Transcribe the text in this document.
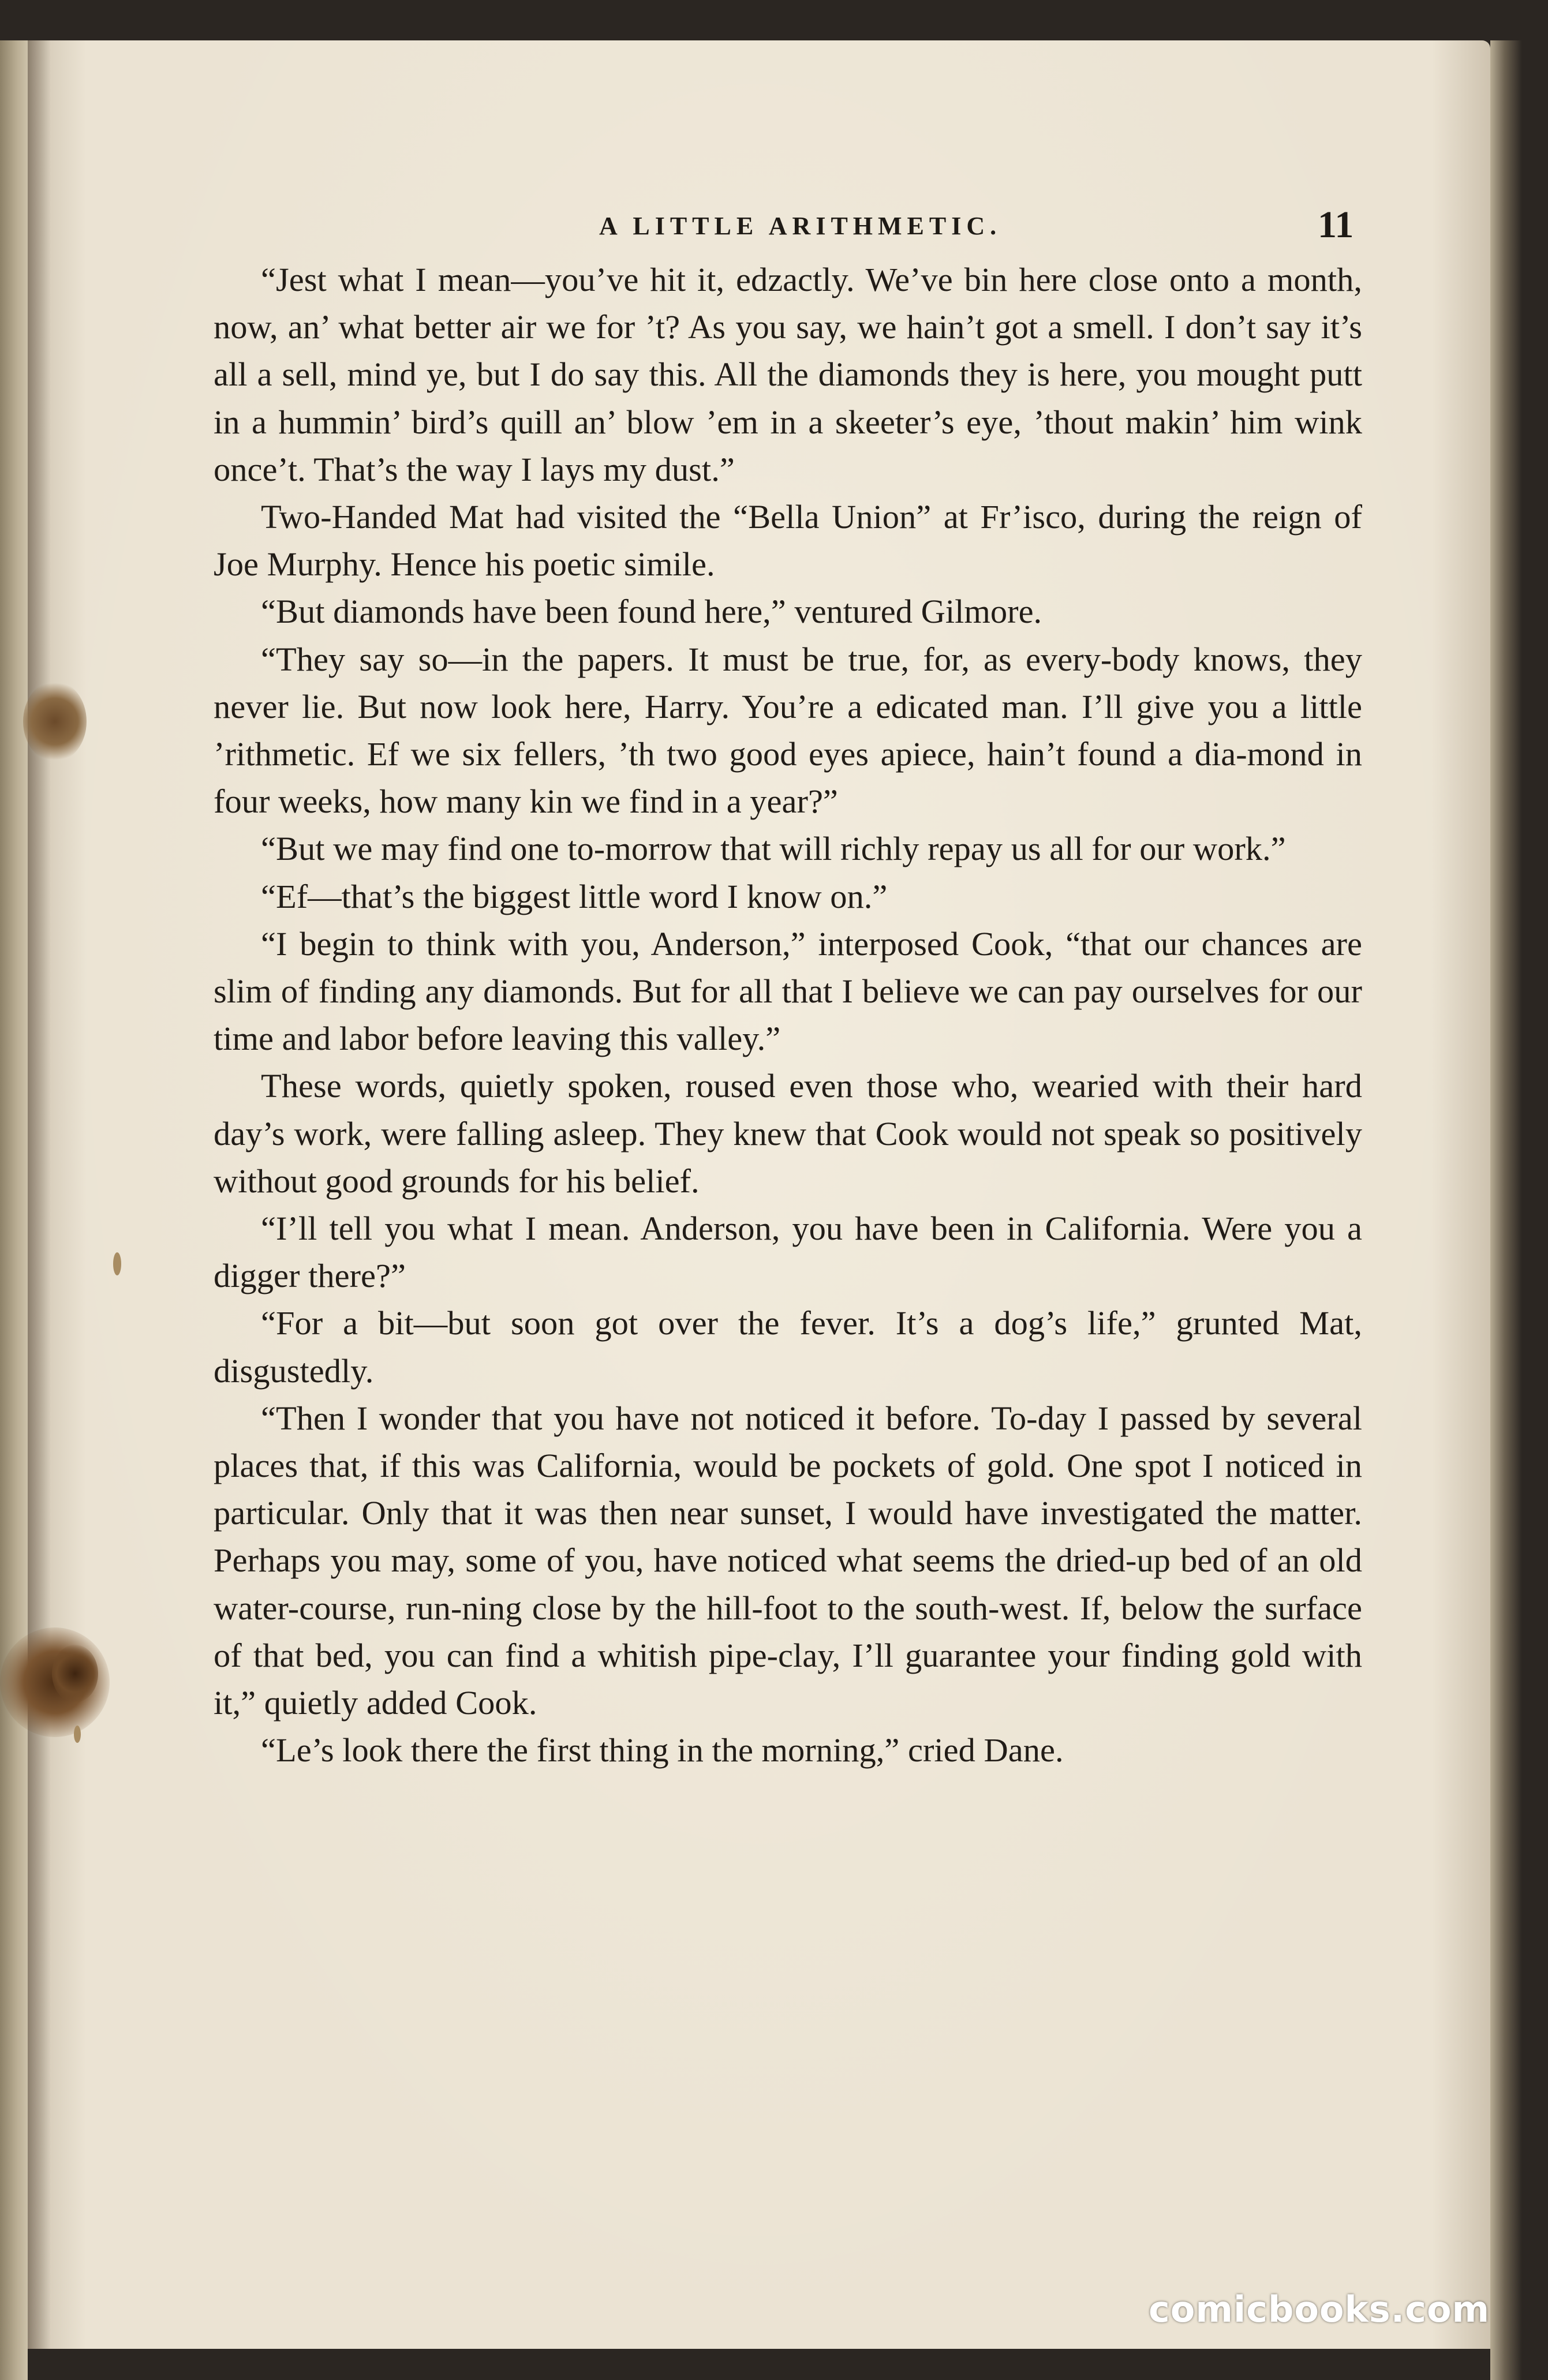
A LITTLE ARITHMETIC.	11

“Jest what I mean—you’ve hit it, edzactly. We’ve bin here close onto a month, now, an’ what better air we for ’t? As you say, we hain’t got a smell. I don’t say it’s all a sell, mind ye, but I do say this. All the diamonds they is here, you mought putt in a hummin’ bird’s quill an’ blow ’em in a skeeter’s eye, ’thout makin’ him wink once’t. That’s the way I lays my dust.”

Two-Handed Mat had visited the “Bella Union” at Fr’isco, during the reign of Joe Murphy. Hence his poetic simile.

“But diamonds have been found here,” ventured Gilmore.

“They say so—in the papers. It must be true, for, as every-body knows, they never lie. But now look here, Harry. You’re a edicated man. I’ll give you a little ’rithmetic. Ef we six fellers, ’th two good eyes apiece, hain’t found a dia-mond in four weeks, how many kin we find in a year?”

“But we may find one to-morrow that will richly repay us all for our work.”

“Ef—that’s the biggest little word I know on.”

“I begin to think with you, Anderson,” interposed Cook, “that our chances are slim of finding any diamonds. But for all that I believe we can pay ourselves for our time and labor before leaving this valley.”

These words, quietly spoken, roused even those who, wearied with their hard day’s work, were falling asleep. They knew that Cook would not speak so positively without good grounds for his belief.

“I’ll tell you what I mean. Anderson, you have been in California. Were you a digger there?”

“For a bit—but soon got over the fever. It’s a dog’s life,” grunted Mat, disgustedly.

“Then I wonder that you have not noticed it before. To-day I passed by several places that, if this was California, would be pockets of gold. One spot I noticed in particular. Only that it was then near sunset, I would have investigated the matter. Perhaps you may, some of you, have noticed what seems the dried-up bed of an old water-course, run-ning close by the hill-foot to the south-west. If, below the surface of that bed, you can find a whitish pipe-clay, I’ll guarantee your finding gold with it,” quietly added Cook.

“Le’s look there the first thing in the morning,” cried Dane.

comicbooks.com
